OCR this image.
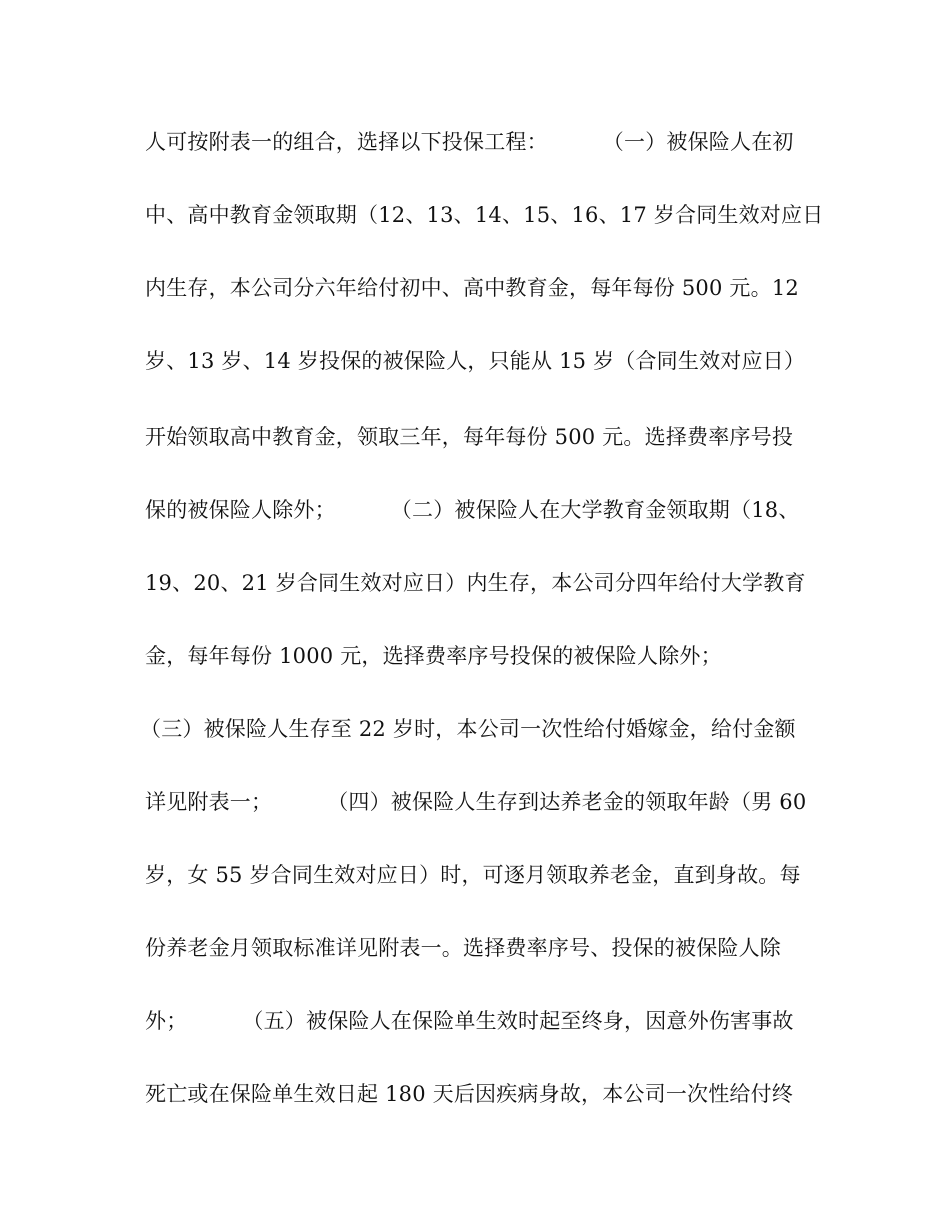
人可按附表一的组合，选择以下投保工程：        （一）被保险人在初
中、高中教育金领取期（12、13、14、15、16、17 岁合同生效对应日
内生存，本公司分六年给付初中、高中教育金，每年每份 500 元。12
岁、13 岁、14 岁投保的被保险人，只能从 15 岁（合同生效对应日）
开始领取高中教育金，领取三年，每年每份 500 元。选择费率序号投
保的被保险人除外；        （二）被保险人在大学教育金领取期（18、
19、20、21 岁合同生效对应日）内生存，本公司分四年给付大学教育
金，每年每份 1000 元，选择费率序号投保的被保险人除外；
（三）被保险人生存至 22 岁时，本公司一次性给付婚嫁金，给付金额
详见附表一；        （四）被保险人生存到达养老金的领取年龄（男 60
岁，女 55 岁合同生效对应日）时，可逐月领取养老金，直到身故。每
份养老金月领取标准详见附表一。选择费率序号、投保的被保险人除
外；        （五）被保险人在保险单生效时起至终身，因意外伤害事故
死亡或在保险单生效日起 180 天后因疾病身故，本公司一次性给付终
